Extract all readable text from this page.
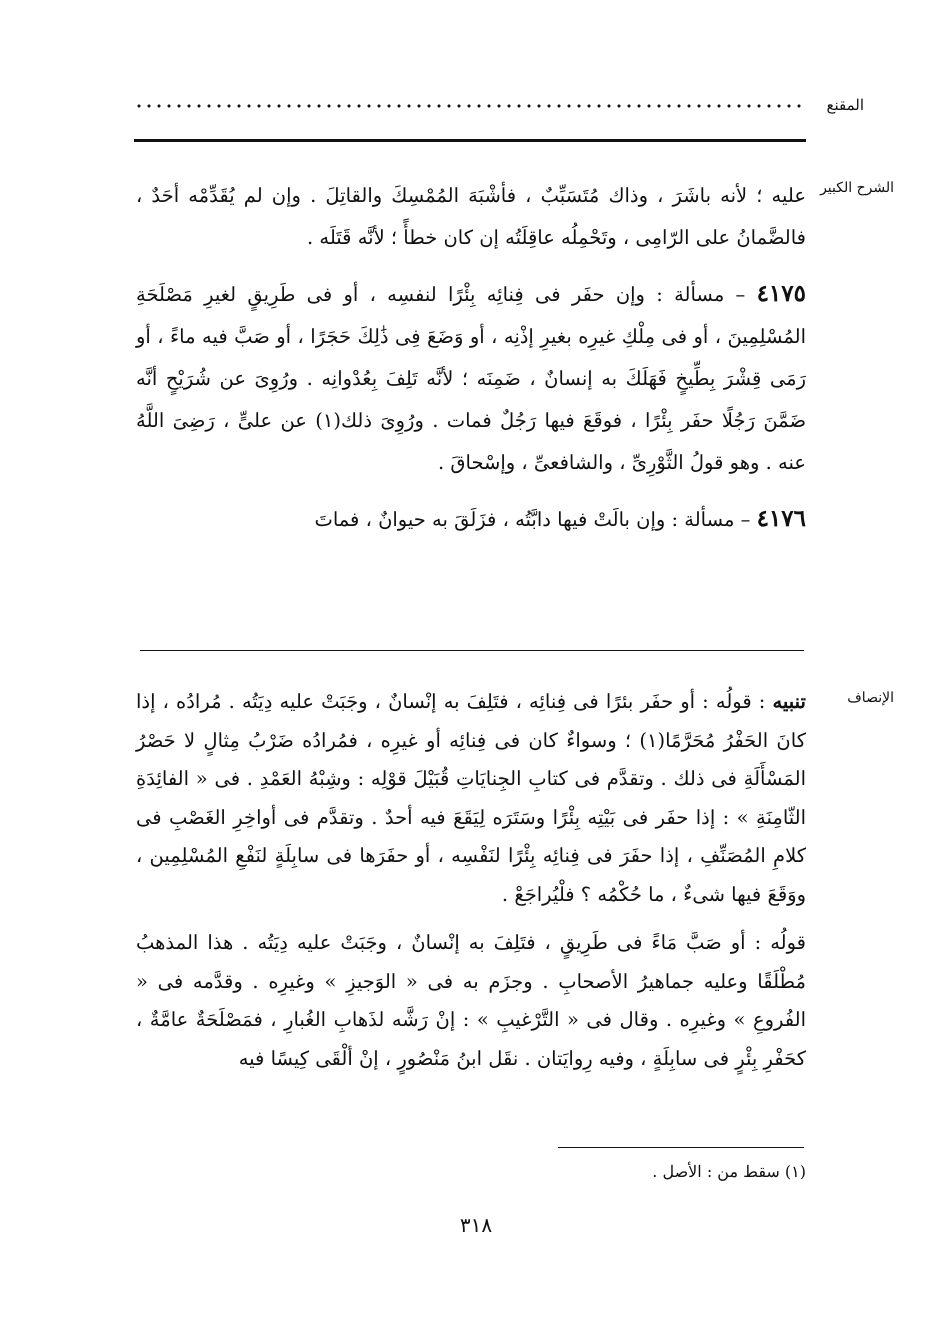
المقنع
الشرح الكبير

عليه ؛ لأنه باشَرَ ، وذاك مُتَسَبِّبٌ ، فأشْبَهَ المُمْسِكَ والقاتِلَ . وإن لم يُقَدِّمْه أحَدٌ ، فالضَّمانُ على الرّامِى ، وتَحْمِلُه عاقِلَتُه إن كان خطأً ؛ لأنَّه قَتَلَه .

٤١٧٥ – مسألة : وإن حفَر فى فِنائِه بِئْرًا لنفسِه ، أو فى طَرِيقٍ لغيرِ مَصْلَحَةِ المُسْلِمِينَ ، أو فى مِلْكِ غيرِه بغيرِ إذْنِه ، أو وَضَعَ فِى ذَٰلِكَ حَجَرًا ، أو صَبَّ فيه ماءً ، أو رَمَى قِشْرَ بِطِّيخٍ فَهَلَكَ به إنسانٌ ، ضَمِنَه ؛ لأنَّه تَلِفَ بِعُدْوانِه . ورُوِىَ عن شُرَيْحٍ أنَّه ضَمَّنَ رَجُلًا حفَر بِئْرًا ، فوقَعَ فيها رَجُلٌ فمات . ورُوِىَ ذلك(١) عن علىٍّ ، رَضِىَ اللَّهُ عنه . وهو قولُ الثَّوْرِىِّ ، والشافعىِّ ، وإسْحاقَ .

٤١٧٦ – مسألة : وإن بالَتْ فيها دابَّتُه ، فزَلَقَ به حيوانٌ ، فماتَ

الإنصاف

تنبيه : قولُه : أو حفَر بئرًا فى فِنائِه ، فتَلِفَ به إنْسانٌ ، وجَبَتْ عليه دِيَتُه . مُرادُه ، إذا كانَ الحَفْرُ مُحَرَّمًا(١) ؛ وسواءٌ كان فى فِنائِه أو غيرِه ، فمُرادُه ضَرْبُ مِثالٍ لا حَصْرُ المَسْأَلَةِ فى ذلك . وتقدَّم فى كتابِ الجِنايَاتِ قُبَيْلَ قوْلِه : وشِبْهُ العَمْدِ . فى « الفائِدَةِ الثّامِنَةِ » : إذا حفَر فى بَيْتِه بِئْرًا وسَتَرَه لِيَقَعَ فيه أحدٌ . وتقدَّم فى أواخِرِ الغَصْبِ فى كلامِ المُصَنِّفِ ، إذا حفَرَ فى فِنائِه بِئْرًا لنَفْسِه ، أو حفَرَها فى سابِلَةٍ لنَفْعِ المُسْلِمِين ، ووَقَعَ فيها شىءٌ ، ما حُكْمُه ؟ فلْيُراجَعْ .

قولُه : أو صَبَّ مَاءً فى طَرِيقٍ ، فتَلِفَ به إنْسانٌ ، وجَبَتْ عليه دِيَتُه . هذا المذهبُ مُطْلَقًا وعليه جماهيرُ الأصحابِ . وجزَم به فى « الوَجيزِ » وغيرِه . وقدَّمه فى « الفُروعِ » وغيرِه . وقال فى « التَّرْغيبِ » : إنْ رَشَّه لذَهابِ الغُبارِ ، فمَصْلَحَةٌ عامَّةٌ ، كحَفْرِ بِئْرٍ فى سابِلَةٍ ، وفيه رِوايَتان . نقَل ابنُ مَنْصُورٍ ، إنْ ألْقَى كِيسًا فيه

(١) سقط من : الأصل .
٣١٨
